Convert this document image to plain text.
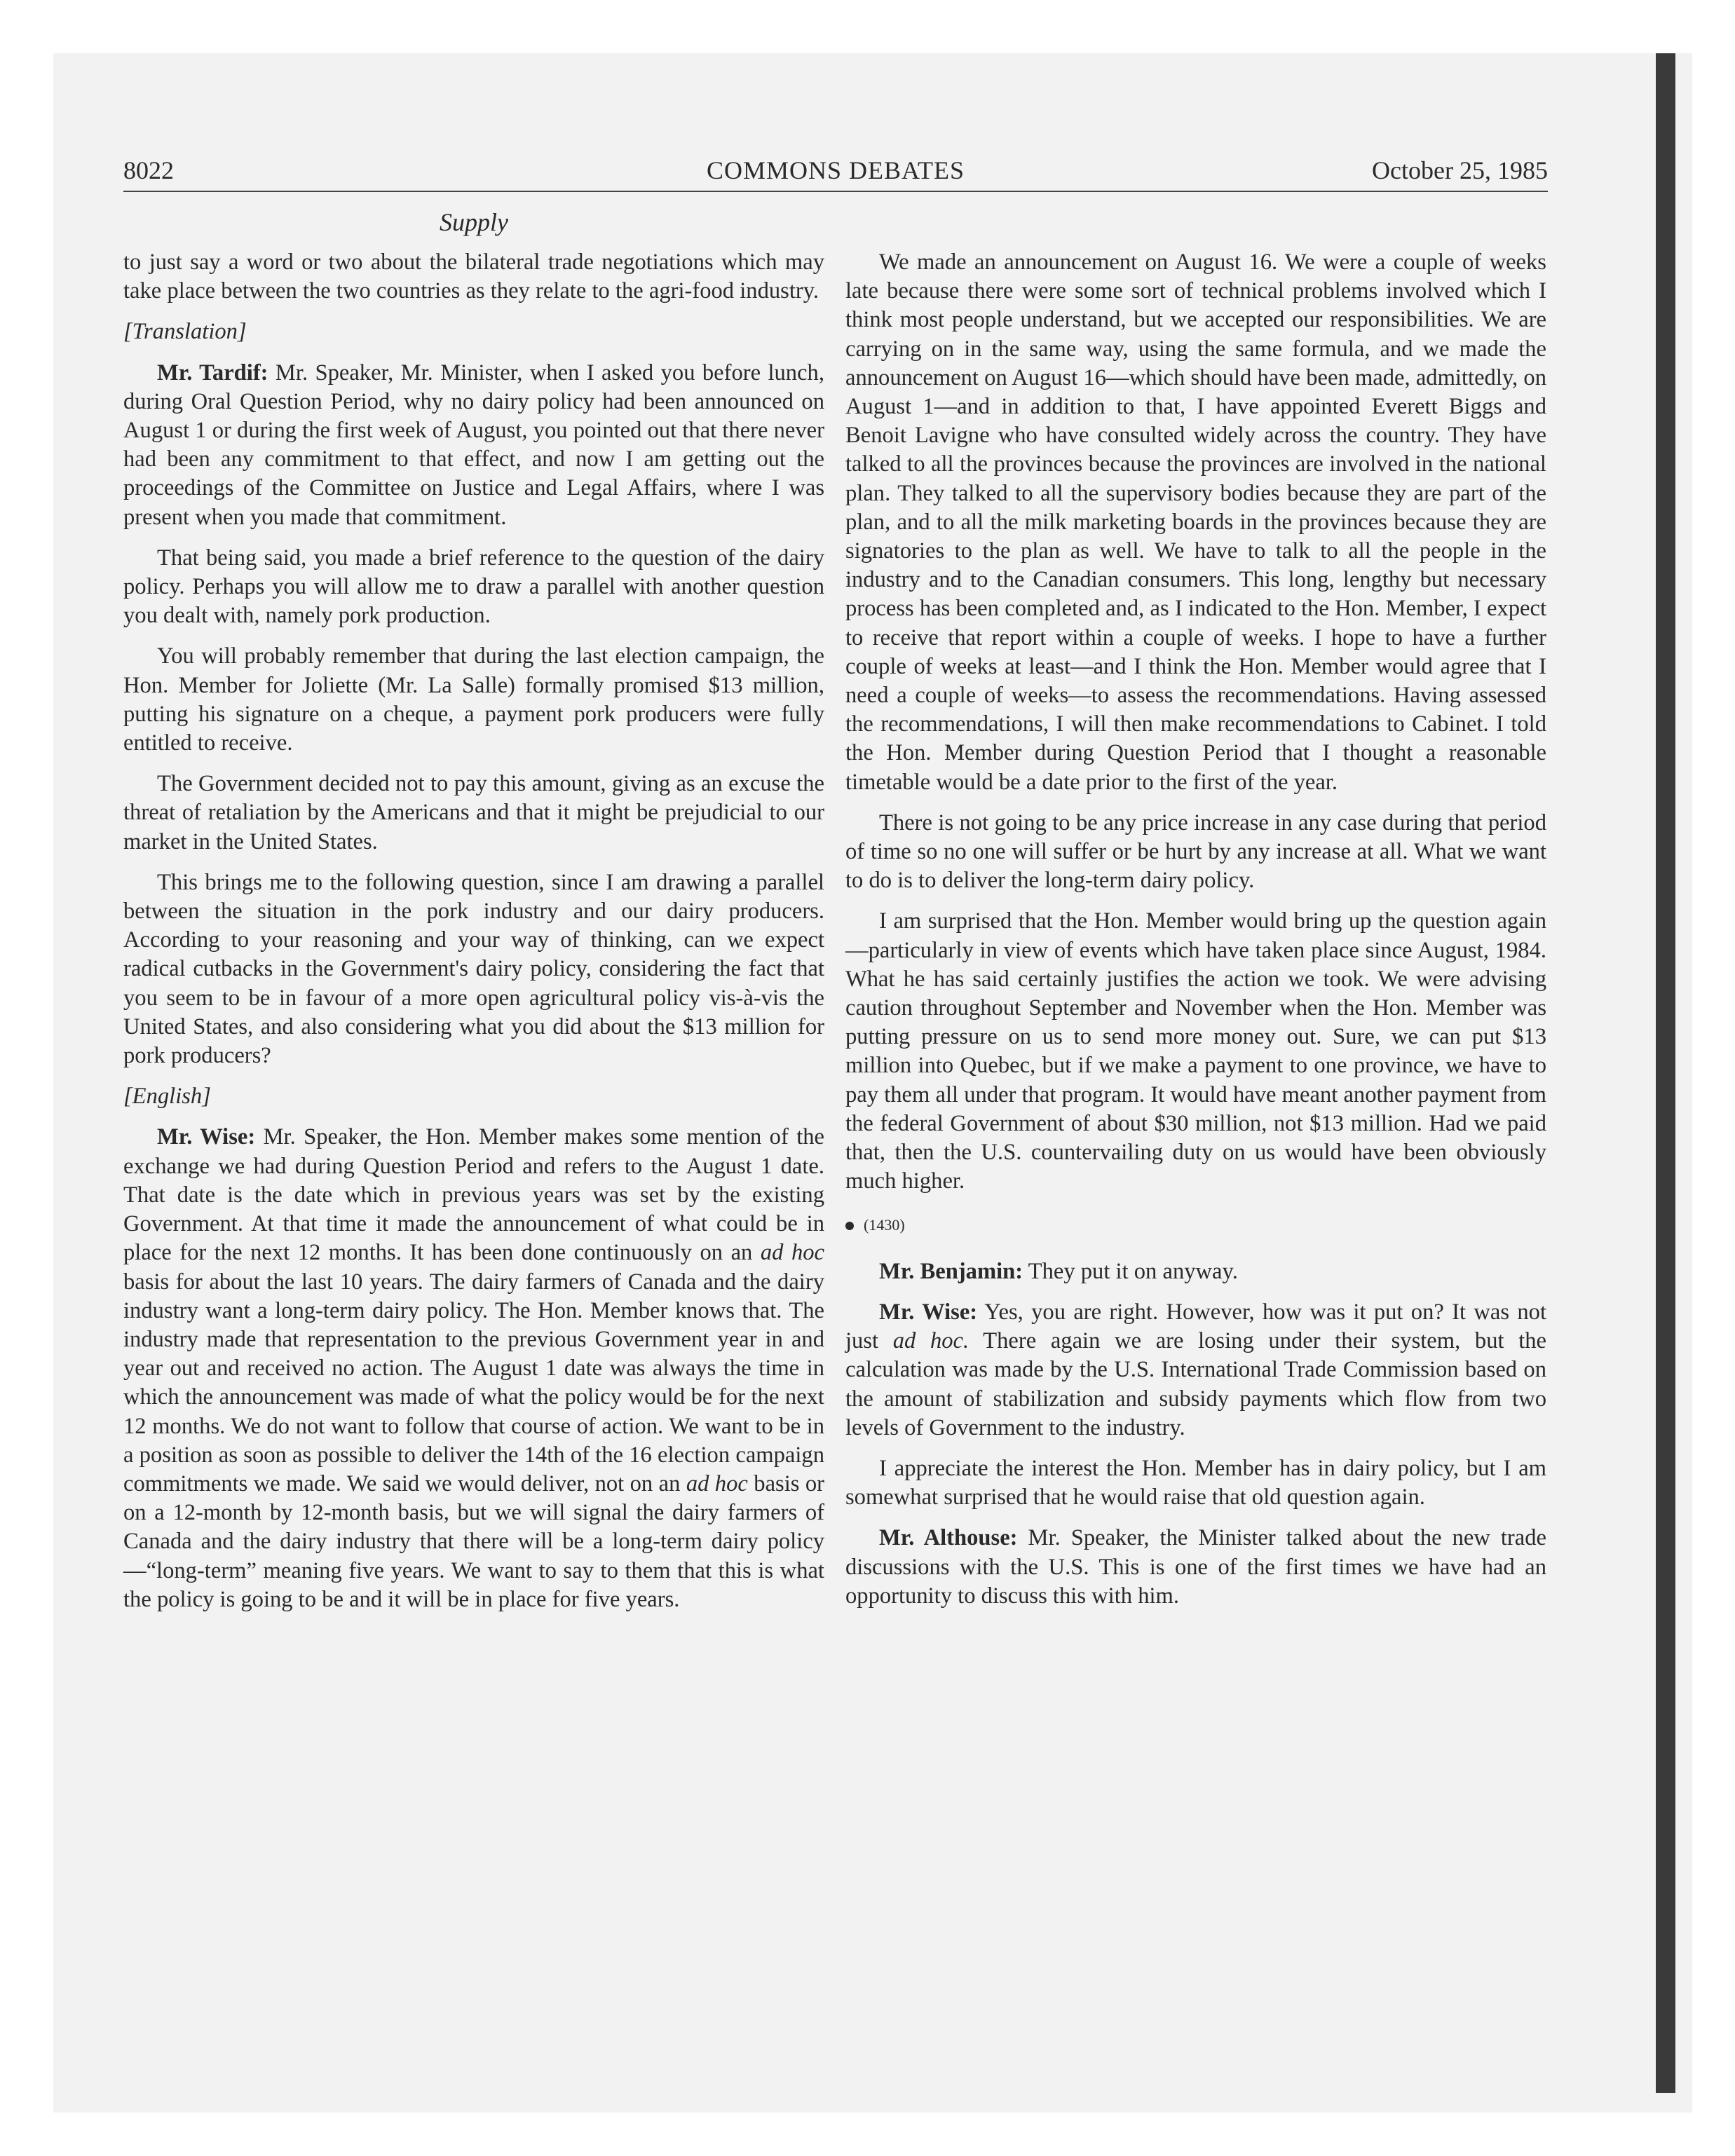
8022	COMMONS DEBATES	October 25, 1985
Supply

to just say a word or two about the bilateral trade negotiations which may take place between the two countries as they relate to the agri-food industry.

[Translation]

Mr. Tardif: Mr. Speaker, Mr. Minister, when I asked you before lunch, during Oral Question Period, why no dairy policy had been announced on August 1 or during the first week of August, you pointed out that there never had been any commitment to that effect, and now I am getting out the proceedings of the Committee on Justice and Legal Affairs, where I was present when you made that commitment.

That being said, you made a brief reference to the question of the dairy policy. Perhaps you will allow me to draw a parallel with another question you dealt with, namely pork production.

You will probably remember that during the last election campaign, the Hon. Member for Joliette (Mr. La Salle) formally promised $13 million, putting his signature on a cheque, a payment pork producers were fully entitled to receive.

The Government decided not to pay this amount, giving as an excuse the threat of retaliation by the Americans and that it might be prejudicial to our market in the United States.

This brings me to the following question, since I am drawing a parallel between the situation in the pork industry and our dairy producers. According to your reasoning and your way of thinking, can we expect radical cutbacks in the Government's dairy policy, considering the fact that you seem to be in favour of a more open agricultural policy vis-à-vis the United States, and also considering what you did about the $13 million for pork producers?

[English]

Mr. Wise: Mr. Speaker, the Hon. Member makes some mention of the exchange we had during Question Period and refers to the August 1 date. That date is the date which in previous years was set by the existing Government. At that time it made the announcement of what could be in place for the next 12 months. It has been done continuously on an ad hoc basis for about the last 10 years. The dairy farmers of Canada and the dairy industry want a long-term dairy policy. The Hon. Member knows that. The industry made that representation to the previous Government year in and year out and received no action. The August 1 date was always the time in which the announcement was made of what the policy would be for the next 12 months. We do not want to follow that course of action. We want to be in a position as soon as possible to deliver the 14th of the 16 election campaign commitments we made. We said we would deliver, not on an ad hoc basis or on a 12-month by 12-month basis, but we will signal the dairy farmers of Canada and the dairy industry that there will be a long-term dairy policy—“long-term” meaning five years. We want to say to them that this is what the policy is going to be and it will be in place for five years.

We made an announcement on August 16. We were a couple of weeks late because there were some sort of technical problems involved which I think most people understand, but we accepted our responsibilities. We are carrying on in the same way, using the same formula, and we made the announcement on August 16—which should have been made, admittedly, on August 1—and in addition to that, I have appointed Everett Biggs and Benoit Lavigne who have consulted widely across the country. They have talked to all the provinces because the provinces are involved in the national plan. They talked to all the supervisory bodies because they are part of the plan, and to all the milk marketing boards in the provinces because they are signatories to the plan as well. We have to talk to all the people in the industry and to the Canadian consumers. This long, lengthy but necessary process has been completed and, as I indicated to the Hon. Member, I expect to receive that report within a couple of weeks. I hope to have a further couple of weeks at least—and I think the Hon. Member would agree that I need a couple of weeks—to assess the recommendations. Having assessed the recommendations, I will then make recommendations to Cabinet. I told the Hon. Member during Question Period that I thought a reasonable timetable would be a date prior to the first of the year.

There is not going to be any price increase in any case during that period of time so no one will suffer or be hurt by any increase at all. What we want to do is to deliver the long-term dairy policy.

I am surprised that the Hon. Member would bring up the question again—particularly in view of events which have taken place since August, 1984. What he has said certainly justifies the action we took. We were advising caution throughout September and November when the Hon. Member was putting pressure on us to send more money out. Sure, we can put $13 million into Quebec, but if we make a payment to one province, we have to pay them all under that program. It would have meant another payment from the federal Government of about $30 million, not $13 million. Had we paid that, then the U.S. countervailing duty on us would have been obviously much higher.

(1430)

Mr. Benjamin: They put it on anyway.

Mr. Wise: Yes, you are right. However, how was it put on? It was not just ad hoc. There again we are losing under their system, but the calculation was made by the U.S. International Trade Commission based on the amount of stabilization and subsidy payments which flow from two levels of Government to the industry.

I appreciate the interest the Hon. Member has in dairy policy, but I am somewhat surprised that he would raise that old question again.

Mr. Althouse: Mr. Speaker, the Minister talked about the new trade discussions with the U.S. This is one of the first times we have had an opportunity to discuss this with him.
